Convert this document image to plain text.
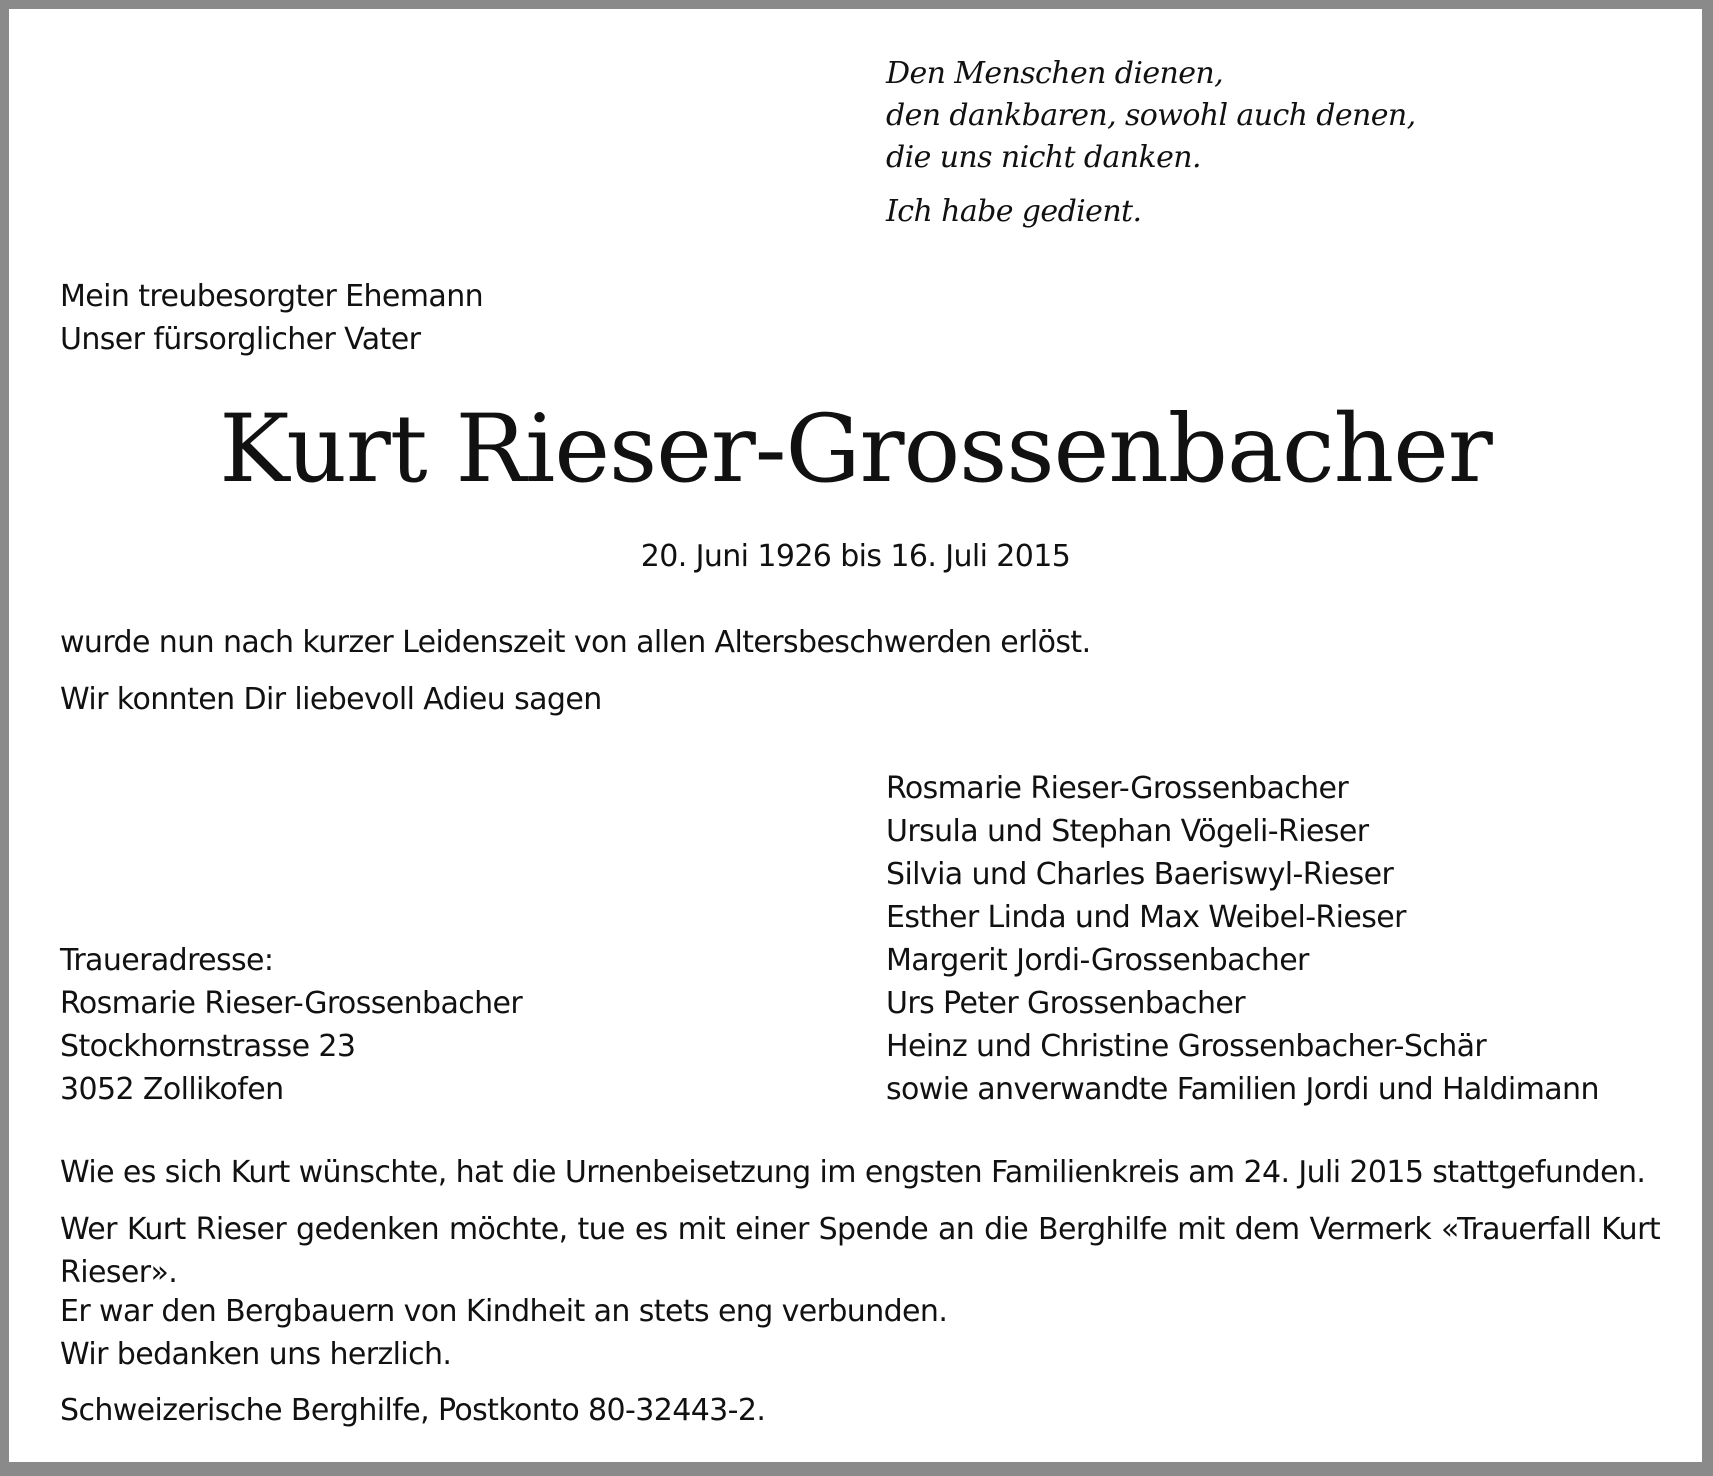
Den Menschen dienen,
den dankbaren, sowohl auch denen,
die uns nicht danken.
Ich habe gedient.
Mein treubesorgter Ehemann
Unser fürsorglicher Vater
Kurt Rieser-Grossenbacher
20. Juni 1926 bis 16. Juli 2015
wurde nun nach kurzer Leidenszeit von allen Altersbeschwerden erlöst.
Wir konnten Dir liebevoll Adieu sagen
Rosmarie Rieser-Grossenbacher
Ursula und Stephan Vögeli-Rieser
Silvia und Charles Baeriswyl-Rieser
Esther Linda und Max Weibel-Rieser
Margerit Jordi-Grossenbacher
Urs Peter Grossenbacher
Heinz und Christine Grossenbacher-Schär
sowie anverwandte Familien Jordi und Haldimann
Traueradresse:
Rosmarie Rieser-Grossenbacher
Stockhornstrasse 23
3052 Zollikofen
Wie es sich Kurt wünschte, hat die Urnenbeisetzung im engsten Familienkreis am 24. Juli 2015 stattgefunden.
Wer Kurt Rieser gedenken möchte, tue es mit einer Spende an die Berghilfe mit dem Vermerk «Trauerfall Kurt Rieser».
Er war den Bergbauern von Kindheit an stets eng verbunden.
Wir bedanken uns herzlich.
Schweizerische Berghilfe, Postkonto 80-32443-2.
